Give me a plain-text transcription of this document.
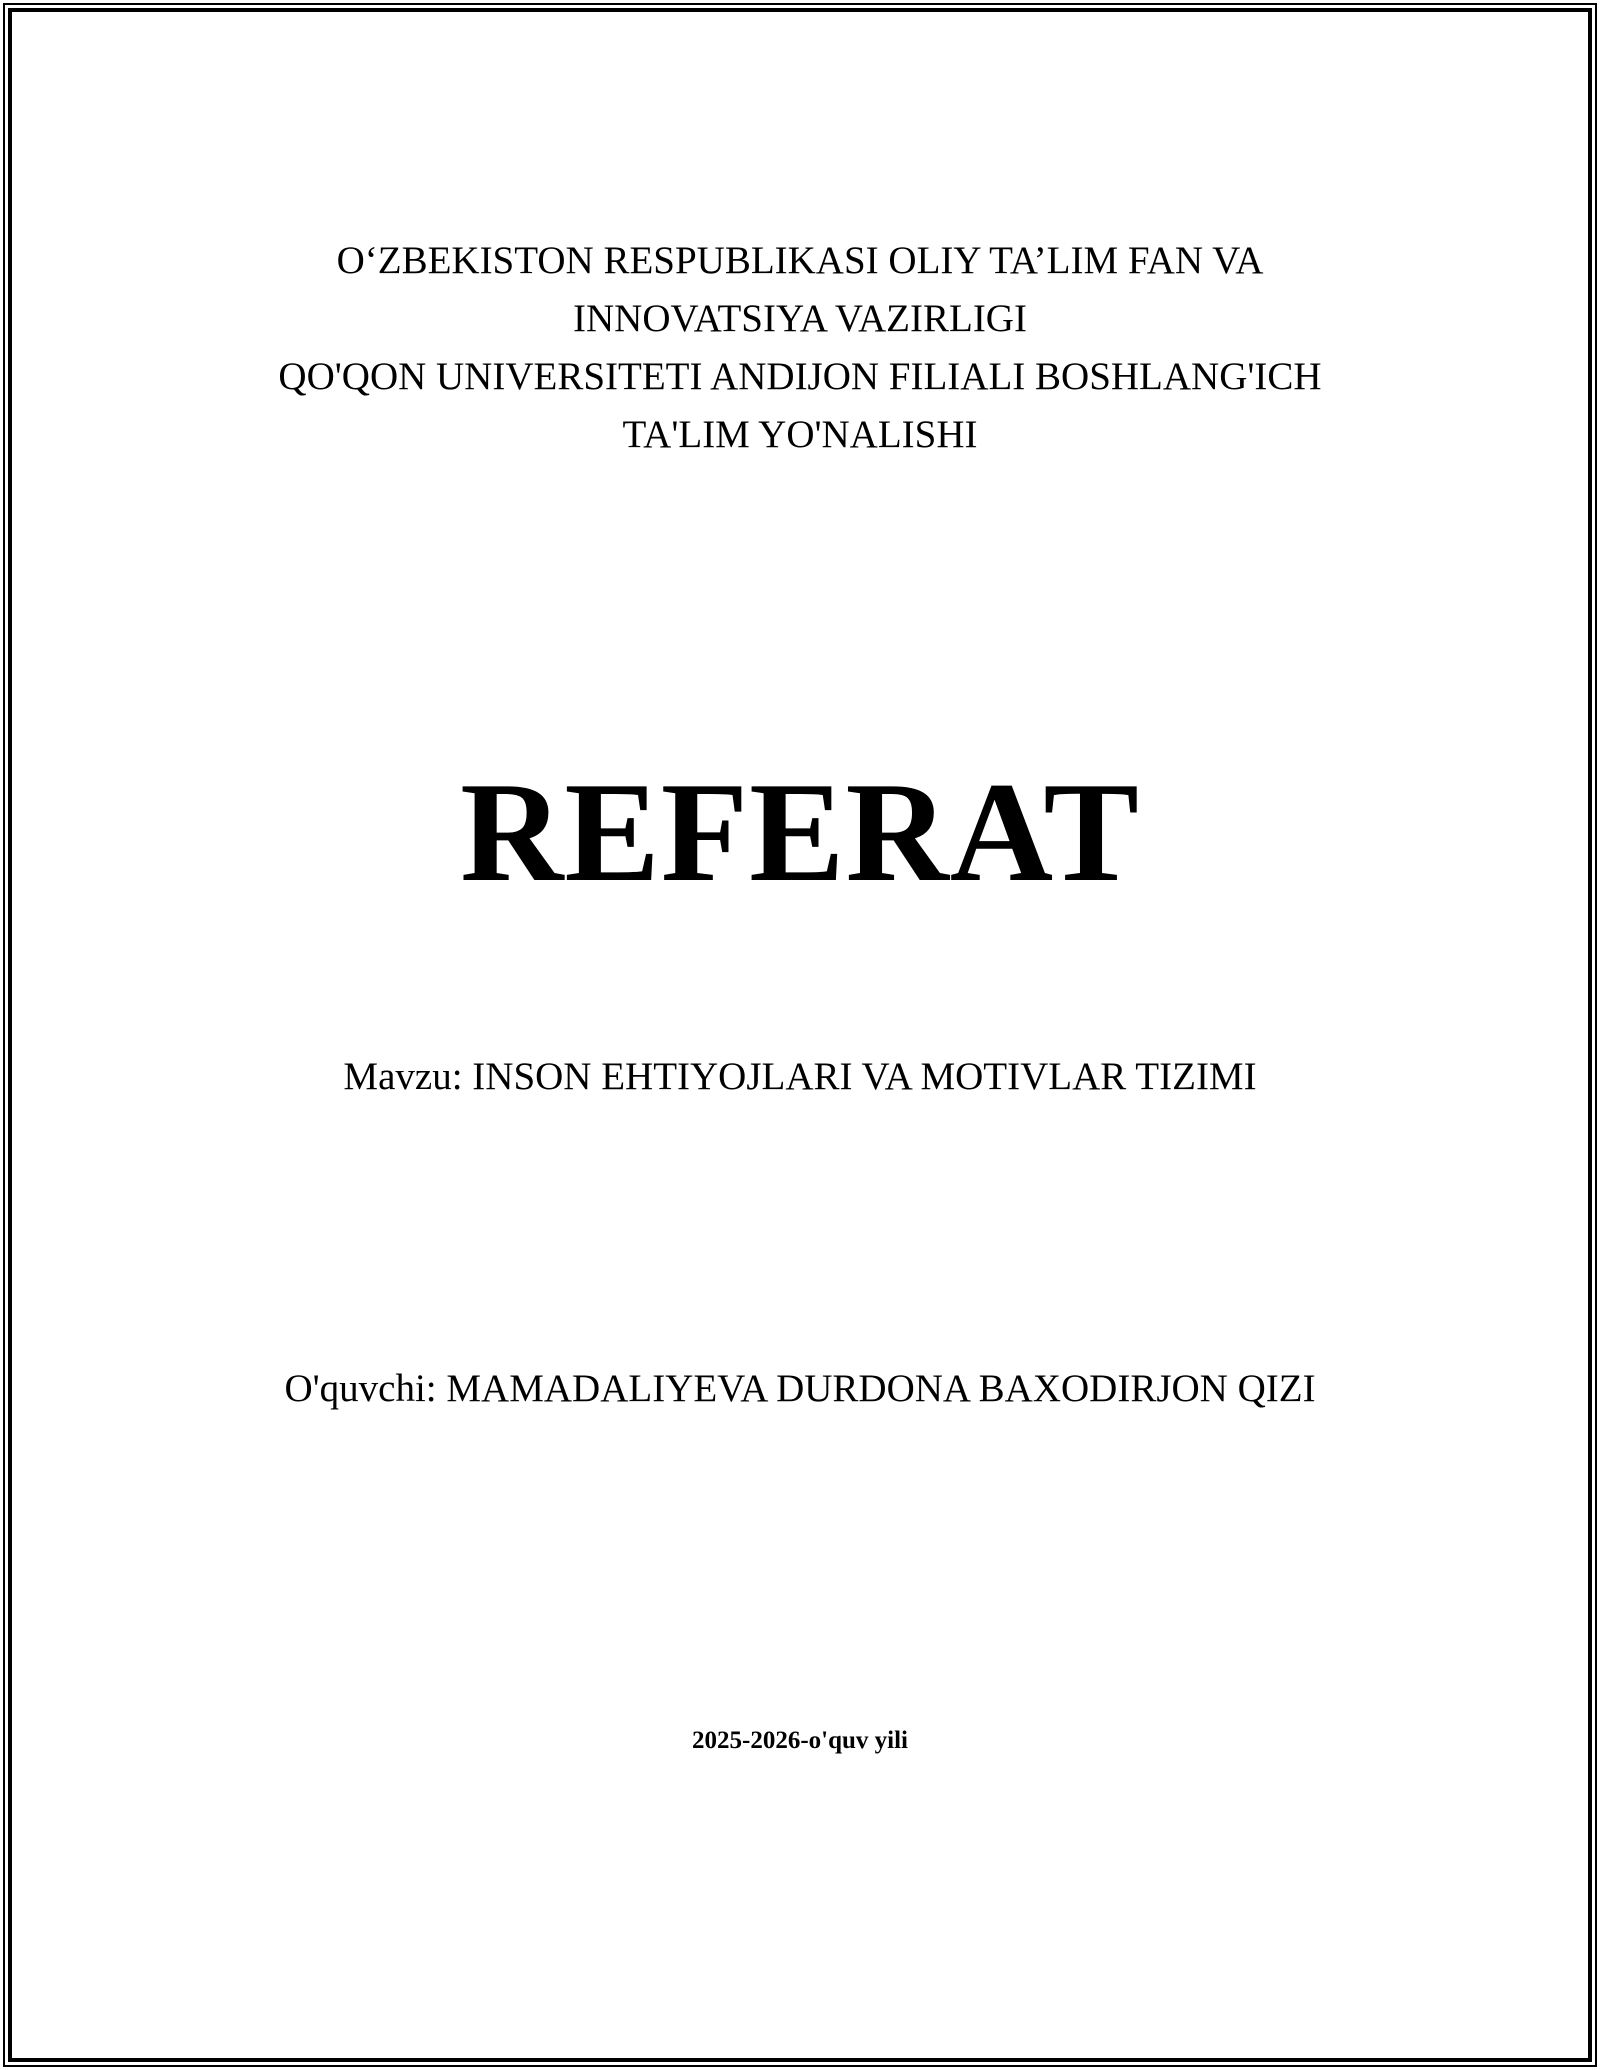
OʻZBEKISTON RESPUBLIKASI OLIY TA’LIM FAN VA
INNOVATSIYA VAZIRLIGI
QO'QON UNIVERSITETI ANDIJON FILIALI BOSHLANG'ICH
TA'LIM YO'NALISHI
REFERAT
Mavzu: INSON EHTIYOJLARI VA MOTIVLAR TIZIMI
O'quvchi: MAMADALIYEVA DURDONA BAXODIRJON QIZI
2025-2026-o'quv yili
